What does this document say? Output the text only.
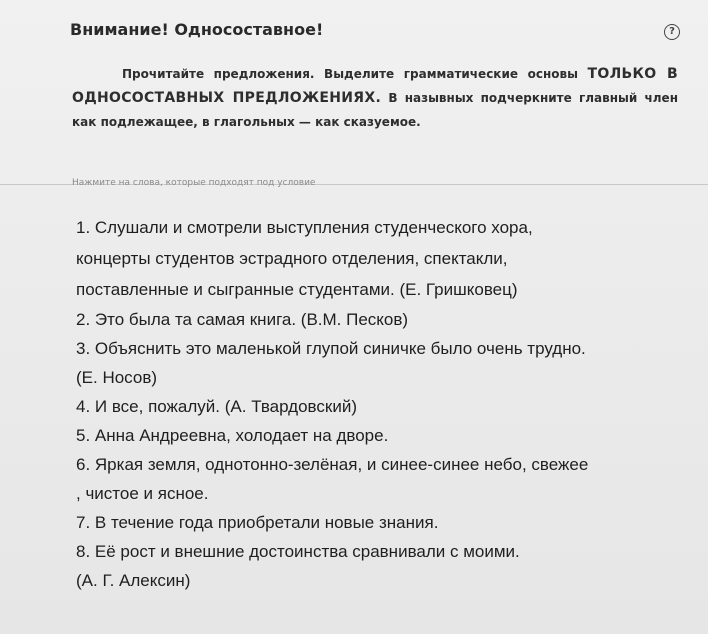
Внимание! Односоставное!	?
Прочитайте предложения. Выделите грамматические основы ТОЛЬКО В ОДНОСОСТАВНЫХ ПРЕДЛОЖЕНИЯХ. В назывных подчеркните главный член как подлежащее, в глагольных — как сказуемое.
Нажмите на слова, которые подходят под условие
1. Слушали и смотрели выступления студенческого хора,
концерты студентов эстрадного отделения, спектакли,
поставленные и сыгранные студентами. (Е. Гришковец)
2. Это была та самая книга. (В.М. Песков)
3. Объяснить это маленькой глупой синичке было очень трудно.
(Е. Носов)
4. И все, пожалуй. (А. Твардовский)
5. Анна Андреевна, холодает на дворе.
6. Яркая земля, однотонно-зелёная, и синее-синее небо, свежее
, чистое и ясное.
7. В течение года приобретали новые знания.
8. Её рост и внешние достоинства сравнивали с моими.
(А. Г. Алексин)
